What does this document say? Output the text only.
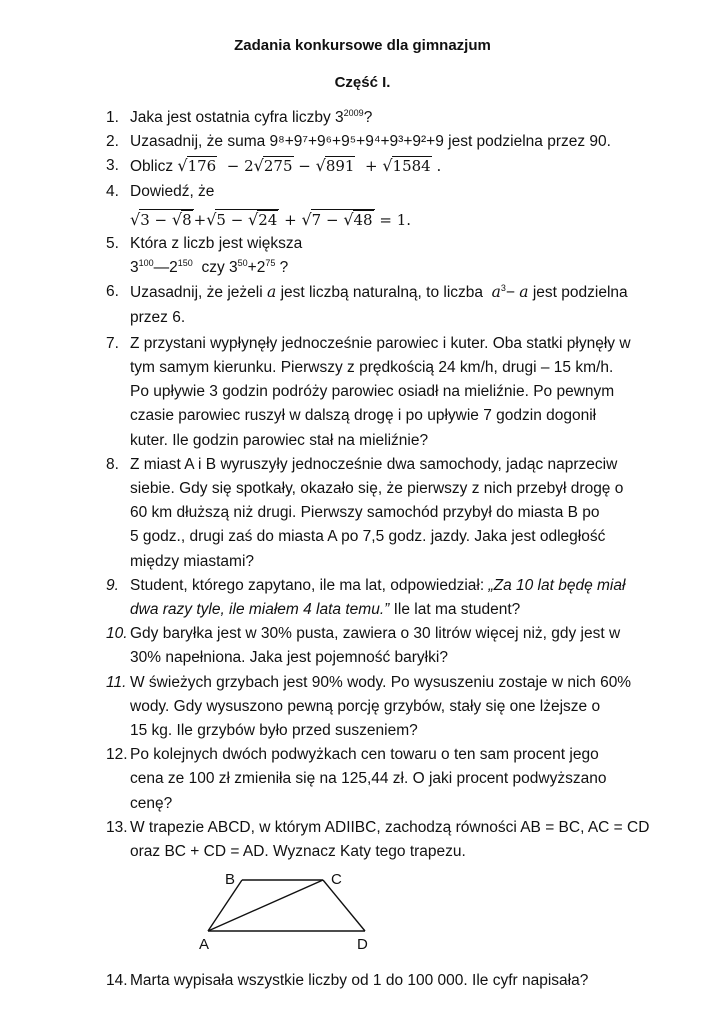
Zadania konkursowe dla gimnazjum
Część I.
1. Jaka jest ostatnia cyfra liczby $3^{2009}$?
2. Uzasadnij, że suma 9⁸+9⁷+9⁶+9⁵+9⁴+9³+9²+9 jest podzielna przez 90.
3. Oblicz √176  − 2√275 − √891  + √1584 .
4. Dowiedź, że
√3 − √8 +√5 − √24 + √7 − √48 = 1.
5. Która z liczb jest większa
$3^{100}—2^{150}$ czy $3^{50}+2^{75}$ ?
6. Uzasadnij, że jeżeli a jest liczbą naturalną, to liczba $a^3- a$ jest podzielna
przez 6.
7. Z przystani wypłynęły jednocześnie parowiec i kuter. Oba statki płynęły w
tym samym kierunku. Pierwszy z prędkością 24 km/h, drugi – 15 km/h.
Po upływie 3 godzin podróży parowiec osiadł na mieliźnie. Po pewnym
czasie parowiec ruszył w dalszą drogę i po upływie 7 godzin dogonił
kuter. Ile godzin parowiec stał na mieliźnie?
8. Z miast A i B wyruszyły jednocześnie dwa samochody, jadąc naprzeciw
siebie. Gdy się spotkały, okazało się, że pierwszy z nich przebył drogę o
60 km dłuższą niż drugi. Pierwszy samochód przybył do miasta B po
5 godz., drugi zaś do miasta A po 7,5 godz. jazdy. Jaka jest odległość
między miastami?
9. Student, którego zapytano, ile ma lat, odpowiedział: „Za 10 lat będę miał
dwa razy tyle, ile miałem 4 lata temu.” Ile lat ma student?
10. Gdy baryłka jest w 30% pusta, zawiera o 30 litrów więcej niż, gdy jest w
30% napełniona. Jaka jest pojemność baryłki?
11. W świeżych grzybach jest 90% wody. Po wysuszeniu zostaje w nich 60%
wody. Gdy wysuszono pewną porcję grzybów, stały się one lżejsze o
15 kg. Ile grzybów było przed suszeniem?
12. Po kolejnych dwóch podwyżkach cen towaru o ten sam procent jego
cena ze 100 zł zmieniła się na 125,44 zł. O jaki procent podwyższano
cenę?
13. W trapezie ABCD, w którym ADIIBC, zachodzą równości AB = BC, AC = CD
oraz BC + CD = AD. Wyznacz Katy tego trapezu.
B	C
A	D
14. Marta wypisała wszystkie liczby od 1 do 100 000. Ile cyfr napisała?
